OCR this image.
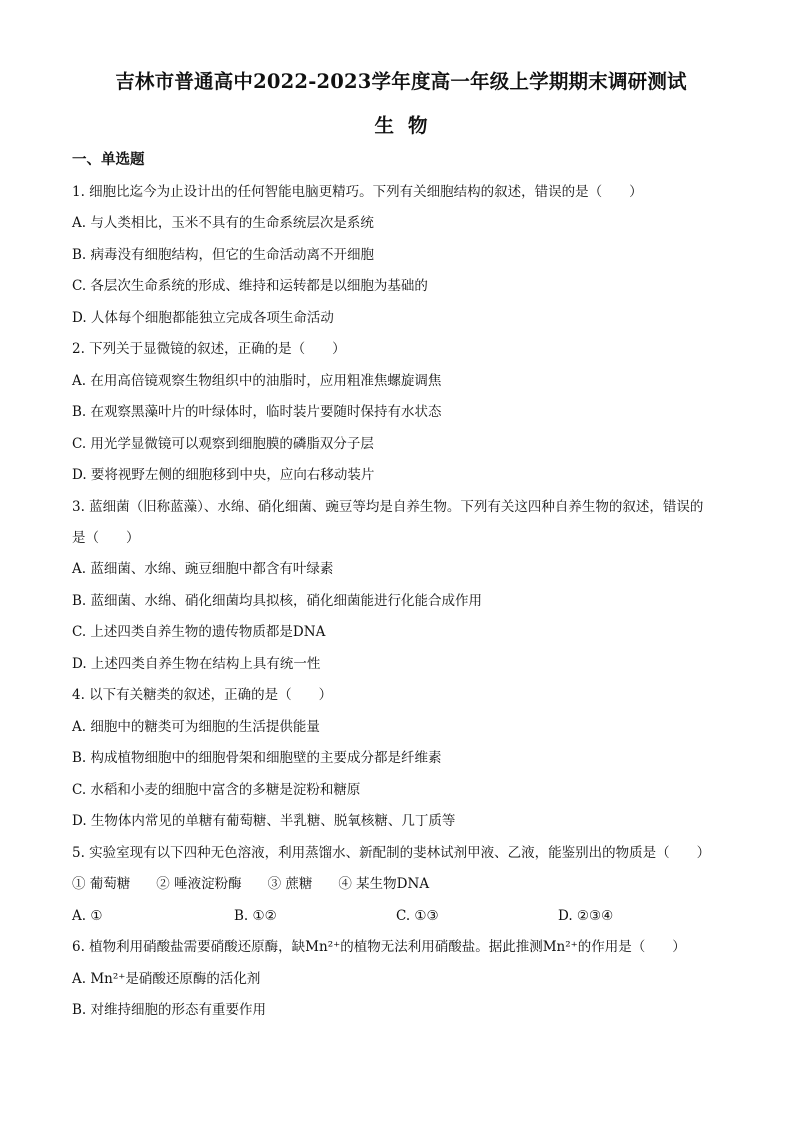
吉林市普通高中2022-2023学年度高一年级上学期期末调研测试
生物
一、单选题
1. 细胞比迄今为止设计出的任何智能电脑更精巧。下列有关细胞结构的叙述，错误的是（　　）
A. 与人类相比，玉米不具有的生命系统层次是系统
B. 病毒没有细胞结构，但它的生命活动离不开细胞
C. 各层次生命系统的形成、维持和运转都是以细胞为基础的
D. 人体每个细胞都能独立完成各项生命活动
2. 下列关于显微镜的叙述，正确的是（　　）
A. 在用高倍镜观察生物组织中的油脂时，应用粗准焦螺旋调焦
B. 在观察黑藻叶片的叶绿体时，临时装片要随时保持有水状态
C. 用光学显微镜可以观察到细胞膜的磷脂双分子层
D. 要将视野左侧的细胞移到中央，应向右移动装片
3. 蓝细菌（旧称蓝藻）、水绵、硝化细菌、豌豆等均是自养生物。下列有关这四种自养生物的叙述，错误的
是（　　）
A. 蓝细菌、水绵、豌豆细胞中都含有叶绿素
B. 蓝细菌、水绵、硝化细菌均具拟核，硝化细菌能进行化能合成作用
C. 上述四类自养生物的遗传物质都是DNA
D. 上述四类自养生物在结构上具有统一性
4. 以下有关糖类的叙述，正确的是（　　）
A. 细胞中的糖类可为细胞的生活提供能量
B. 构成植物细胞中的细胞骨架和细胞壁的主要成分都是纤维素
C. 水稻和小麦的细胞中富含的多糖是淀粉和糖原
D. 生物体内常见的单糖有葡萄糖、半乳糖、脱氧核糖、几丁质等
5. 实验室现有以下四种无色溶液，利用蒸馏水、新配制的斐林试剂甲液、乙液，能鉴别出的物质是（　　）
① 葡萄糖 ② 唾液淀粉酶 ③ 蔗糖 ④ 某生物DNA
A. ①	B. ①②	C. ①③	D. ②③④
6. 植物利用硝酸盐需要硝酸还原酶，缺Mn²⁺的植物无法利用硝酸盐。据此推测Mn²⁺的作用是（　　）
A. Mn²⁺是硝酸还原酶的活化剂
B. 对维持细胞的形态有重要作用
